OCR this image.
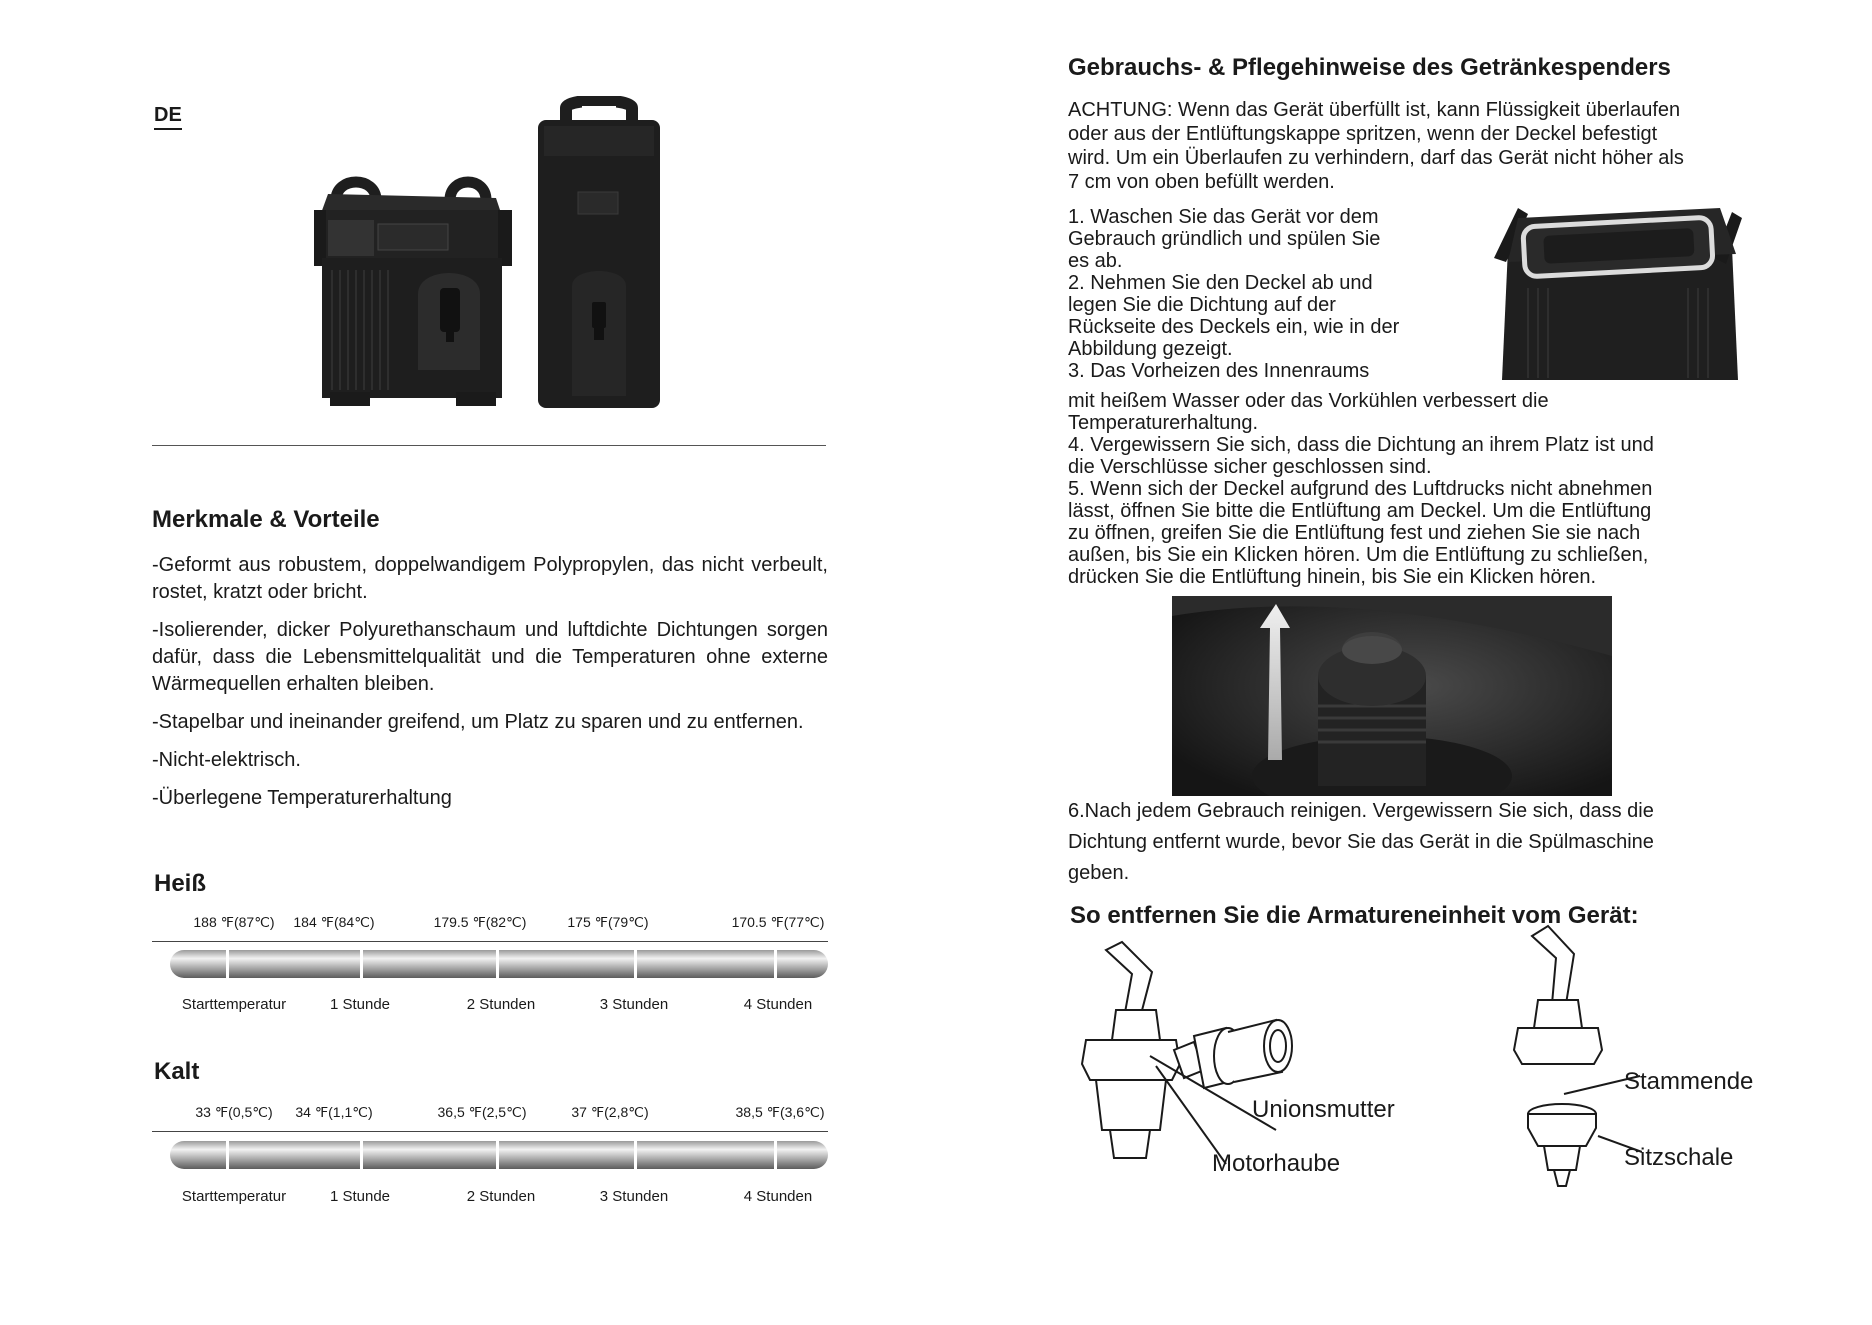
DE
Merkmale & Vorteile

-Geformt aus robustem, doppelwandigem Polypropylen, das nicht verbeult, rostet, kratzt oder bricht.

-Isolierender, dicker Polyurethanschaum und luftdichte Dichtungen sorgen dafür, dass die Lebensmittelqualität und die Temperaturen ohne externe Wärmequellen erhalten bleiben.

-Stapelbar und ineinander greifend, um Platz zu sparen und zu entfernen.

-Nicht-elektrisch.

-Überlegene Temperaturerhaltung

Heiß
188 ℉(87℃) 184 ℉(84℃)	179.5 ℉(82℃)	175 ℉(79℃)	170.5 ℉(77℃)
Starttemperatur	1 Stunde	2 Stunden	3 Stunden	4 Stunden
Kalt
33 ℉(0,5℃) 34 ℉(1,1℃)	36,5 ℉(2,5℃)	37 ℉(2,8℃)	38,5 ℉(3,6℃)
Starttemperatur	1 Stunde	2 Stunden	3 Stunden	4 Stunden
Gebrauchs- & Pflegehinweise des Getränkespenders
ACHTUNG: Wenn das Gerät überfüllt ist, kann Flüssigkeit überlaufen
oder aus der Entlüftungskappe spritzen, wenn der Deckel befestigt
wird. Um ein Überlaufen zu verhindern, darf das Gerät nicht höher als
7 cm von oben befüllt werden.

1. Waschen Sie das Gerät vor dem

Gebrauch gründlich und spülen Sie

es ab.

2. Nehmen Sie den Deckel ab und

legen Sie die Dichtung auf der

Rückseite des Deckels ein, wie in der

Abbildung gezeigt.

3. Das Vorheizen des Innenraums

mit heißem Wasser oder das Vorkühlen verbessert die

Temperaturerhaltung.

4. Vergewissern Sie sich, dass die Dichtung an ihrem Platz ist und

die Verschlüsse sicher geschlossen sind.

5. Wenn sich der Deckel aufgrund des Luftdrucks nicht abnehmen

lässt, öffnen Sie bitte die Entlüftung am Deckel. Um die Entlüftung

zu öffnen, greifen Sie die Entlüftung fest und ziehen Sie sie nach

außen, bis Sie ein Klicken hören. Um die Entlüftung zu schließen,

drücken Sie die Entlüftung hinein, bis Sie ein Klicken hören.

6.Nach jedem Gebrauch reinigen. Vergewissern Sie sich, dass die
Dichtung entfernt wurde, bevor Sie das Gerät in die Spülmaschine
geben.
So entfernen Sie die Armatureneinheit vom Gerät:
Unionsmutter
Motorhaube
Stammende
Sitzschale
